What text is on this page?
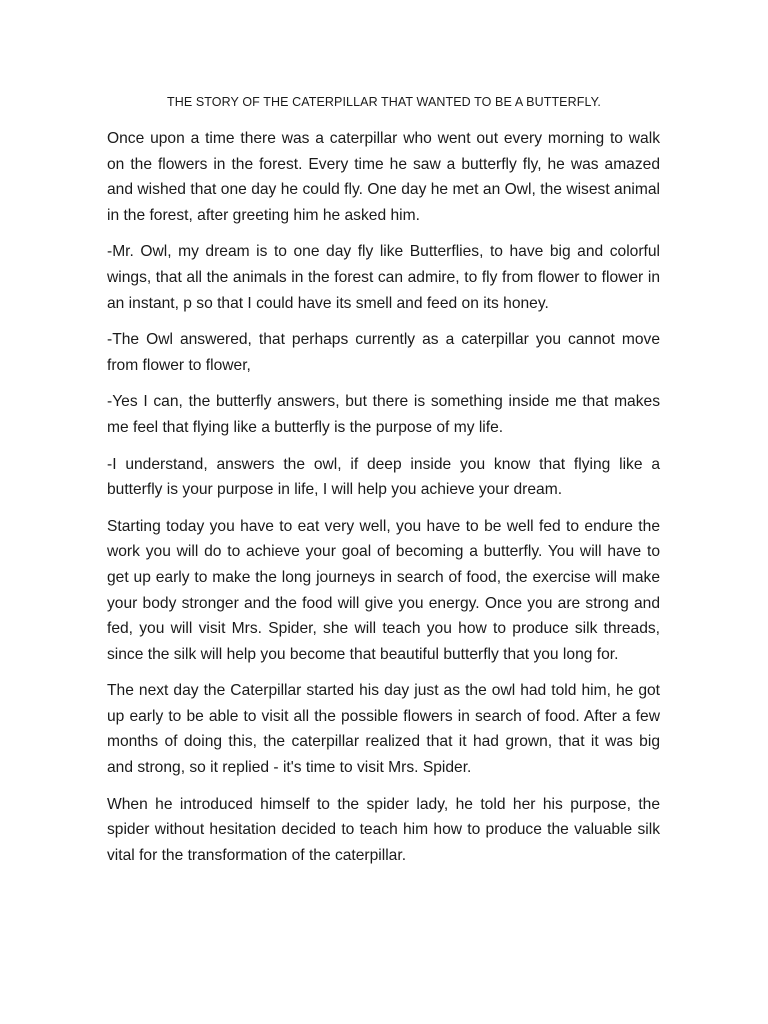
THE STORY OF THE CATERPILLAR THAT WANTED TO BE A BUTTERFLY.

Once upon a time there was a caterpillar who went out every morning to walk on the flowers in the forest. Every time he saw a butterfly fly, he was amazed and wished that one day he could fly. One day he met an Owl, the wisest animal in the forest, after greeting him he asked him.

-Mr. Owl, my dream is to one day fly like Butterflies, to have big and colorful wings, that all the animals in the forest can admire, to fly from flower to flower in an instant, p so that I could have its smell and feed on its honey.

-The Owl answered, that perhaps currently as a caterpillar you cannot move from flower to flower,

-Yes I can, the butterfly answers, but there is something inside me that makes me feel that flying like a butterfly is the purpose of my life.

-I understand, answers the owl, if deep inside you know that flying like a butterfly is your purpose in life, I will help you achieve your dream.

Starting today you have to eat very well, you have to be well fed to endure the work you will do to achieve your goal of becoming a butterfly. You will have to get up early to make the long journeys in search of food, the exercise will make your body stronger and the food will give you energy. Once you are strong and fed, you will visit Mrs. Spider, she will teach you how to produce silk threads, since the silk will help you become that beautiful butterfly that you long for.

The next day the Caterpillar started his day just as the owl had told him, he got up early to be able to visit all the possible flowers in search of food. After a few months of doing this, the caterpillar realized that it had grown, that it was big and strong, so it replied - it's time to visit Mrs. Spider.

When he introduced himself to the spider lady, he told her his purpose, the spider without hesitation decided to teach him how to produce the valuable silk vital for the transformation of the caterpillar.
